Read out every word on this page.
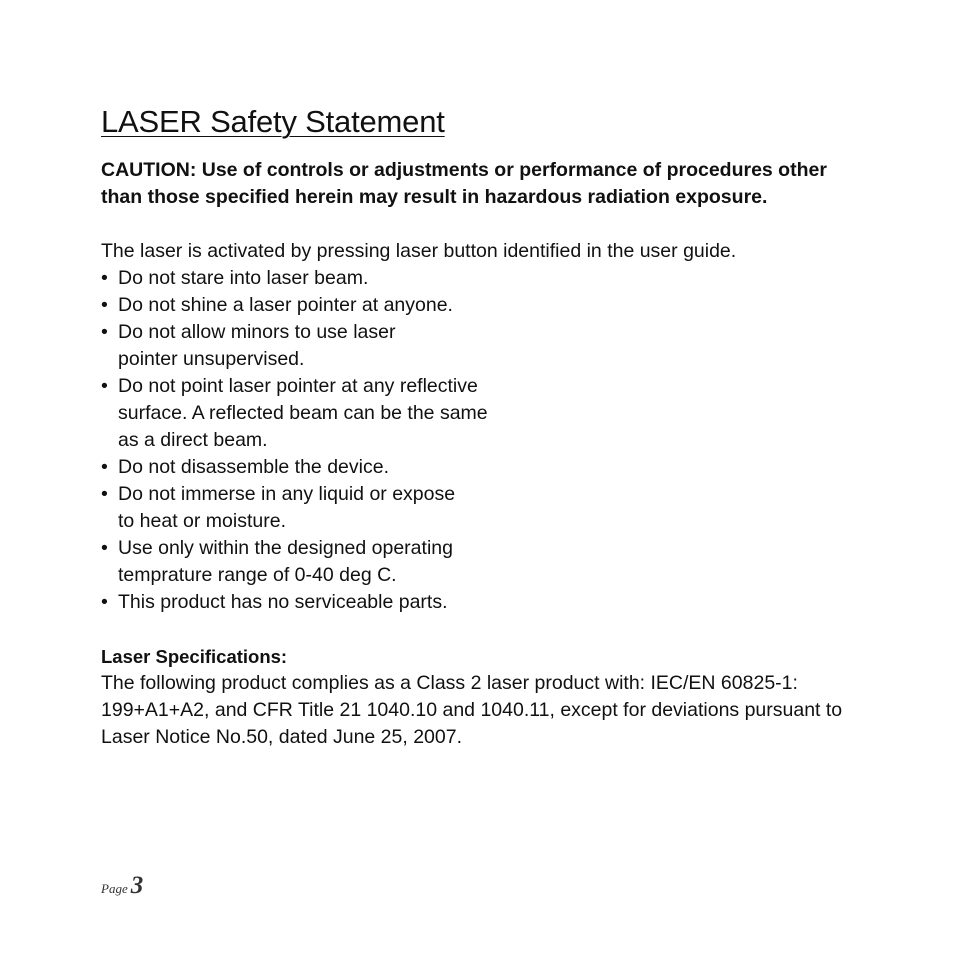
LASER Safety Statement

CAUTION: Use of controls or adjustments or performance of procedures other than those specified herein may result in hazardous radiation exposure.

The laser is activated by pressing laser button identified in the user guide.

• Do not stare into laser beam.
• Do not shine a laser pointer at anyone.
• Do not allow minors to use laser
pointer unsupervised.
• Do not point laser pointer at any reflective
surface. A reflected beam can be the same
as a direct beam.
• Do not disassemble the device.
• Do not immerse in any liquid or expose
to heat or moisture.
• Use only within the designed operating
temprature range of 0-40 deg C.
• This product has no serviceable parts.

Laser Specifications:

The following product complies as a Class 2 laser product with: IEC/EN 60825-1: 199+A1+A2, and CFR Title 21 1040.10 and 1040.11, except for deviations pursuant to Laser Notice No.50, dated June 25, 2007.

Page 3
